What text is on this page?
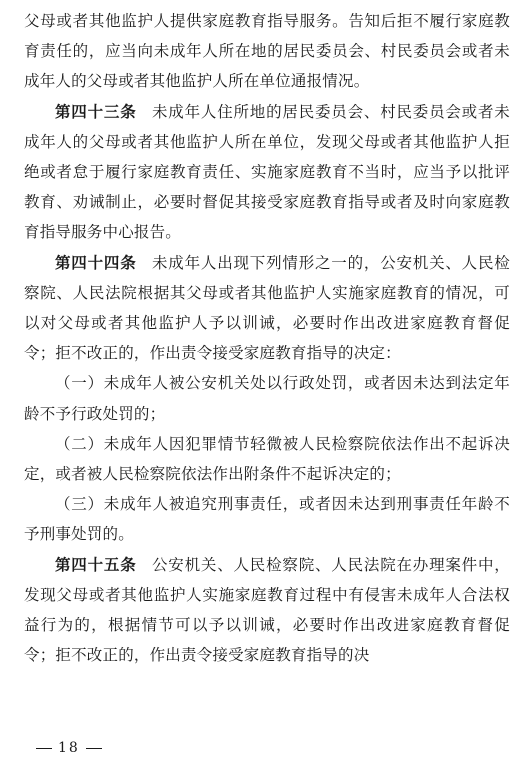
父母或者其他监护人提供家庭教育指导服务。告知后拒不履行家庭教育责任的，应当向未成年人所在地的居民委员会、村民委员会或者未成年人的父母或者其他监护人所在单位通报情况。

第四十三条 未成年人住所地的居民委员会、村民委员会或者未成年人的父母或者其他监护人所在单位，发现父母或者其他监护人拒绝或者怠于履行家庭教育责任、实施家庭教育不当时，应当予以批评教育、劝诫制止，必要时督促其接受家庭教育指导或者及时向家庭教育指导服务中心报告。

第四十四条 未成年人出现下列情形之一的，公安机关、人民检察院、人民法院根据其父母或者其他监护人实施家庭教育的情况，可以对父母或者其他监护人予以训诫，必要时作出改进家庭教育督促令；拒不改正的，作出责令接受家庭教育指导的决定：

（一）未成年人被公安机关处以行政处罚，或者因未达到法定年龄不予行政处罚的；

（二）未成年人因犯罪情节轻微被人民检察院依法作出不起诉决定，或者被人民检察院依法作出附条件不起诉决定的；

（三）未成年人被追究刑事责任，或者因未达到刑事责任年龄不予刑事处罚的。

第四十五条 公安机关、人民检察院、人民法院在办理案件中，发现父母或者其他监护人实施家庭教育过程中有侵害未成年人合法权益行为的，根据情节可以予以训诫，必要时作出改进家庭教育督促令；拒不改正的，作出责令接受家庭教育指导的决

18
